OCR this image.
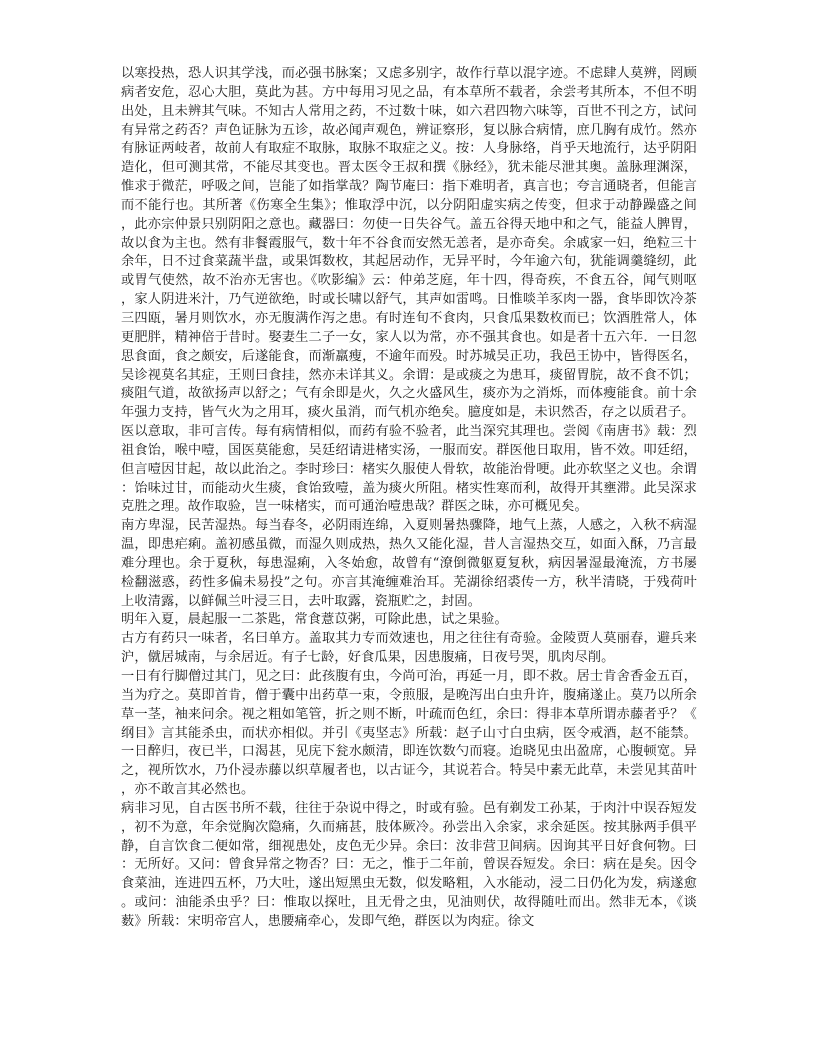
以寒投热，恐人识其学浅，而必强书脉案；又虑多别字，故作行草以混字迹。不虑肆人莫辨，罔顾病者安危，忍心大胆，莫此为甚。方中每用习见之品，有本草所不载者，余尝考其所本，不但不明出处，且未辨其气味。不知古人常用之药，不过数十味，如六君四物六味等，百世不刊之方，试问有异常之药否？声色证脉为五诊，故必闻声观色，辨证察形，复以脉合病情，庶几胸有成竹。然亦有脉证两岐者，故前人有取症不取脉，取脉不取症之义。按：人身脉络，肖乎天地流行，达乎阴阳造化，但可测其常，不能尽其变也。晋太医令王叔和撰《脉经》，犹未能尽泄其奥。盖脉理渊深，惟求于微茫，呼吸之间，岂能了如指掌哉？陶节庵曰：指下难明者，真言也；夸言通晓者，但能言而不能行也。其所著《伤寒全生集》；惟取浮中沉，以分阴阳虚实病之传变，但求于动静躁盛之间，此亦宗仲景只别阴阳之意也。藏器曰：勿使一日失谷气。盖五谷得天地中和之气，能益人脾胃，故以食为主也。然有非餐霞服气，数十年不谷食而安然无恙者，是亦奇矣。余戚家一妇，绝粒三十余年，日不过食菜蔬半盘，或果饵数枚，其起居动作，无异平时，今年逾六旬，犹能调羹缝纫，此或胃气使然，故不治亦无害也。《吹影编》云：仲弟芝庭，年十四，得奇疾，不食五谷，闻气则呕，家人阴进米汁，乃气逆欲绝，时或长啸以舒气，其声如雷鸣。日惟啖羊豕肉一器，食毕即饮冷茶三四瓯，暑月则饮水，亦无腹满作泻之患。有时连旬不食肉，只食瓜果数枚而已；饮酒胜常人，体更肥胖，精神倍于昔时。娶妻生二子一女，家人以为常，亦不强其食也。如是者十五六年．一日忽思食面，食之颇安，后遂能食，而渐羸瘦，不逾年而殁。时苏城吴正功，我邑王协中，皆得医名，吴诊视莫名其症，王则曰食挂，然亦未详其义。余谓：是或痰之为患耳，痰留胃脘，故不食不饥；痰阻气道，故欲扬声以舒之；气有余即是火，久之火盛风生，痰亦为之消烁，而体瘦能食。前十余年强力支持，皆气火为之用耳，痰火虽消，而气机亦绝矣。臆度如是，未识然否，存之以质君子。

医以意取，非可言传。每有病情相似，而药有验不验者，此当深究其理也。尝阅《南唐书》载：烈祖食饴，喉中噎，国医莫能愈，吴廷绍请进楮实汤，一服而安。群医他日取用，皆不效。叩廷绍，但言噎因甘起，故以此治之。李时珍曰：楮实久服使人骨软，故能治骨哽。此亦软坚之义也。余谓：饴味过甘，而能动火生痰，食饴致噎，盖为痰火所阻。楮实性寒而利，故得开其壅滞。此吴深求克胜之理。故作取验，岂一味楮实，而可通治噎患哉？群医之昧，亦可概见矣。

南方卑湿，民苦湿热。每当春冬，必阴雨连绵，入夏则暑热骤降，地气上蒸，人感之，入秋不病湿温，即患疟痢。盖初感虽微，而湿久则成热，热久又能化湿，昔人言湿热交互，如面入酥，乃言最难分理也。余于夏秋，每患湿痢，入冬始愈，故曾有“潦倒微躯夏复秋，病因暑湿最淹流，方书屡检翻滋惑，药性多偏未易投”之句。亦言其淹缠难治耳。芜湖徐绍裘传一方，秋半清晓，于残荷叶上收清露，以鲜佩兰叶浸三日，去叶取露，瓷瓶贮之，封固。

明年入夏，晨起服一二茶匙，常食薏苡粥，可除此患，试之果验。

古方有药只一味者，名曰单方。盖取其力专而效速也，用之往往有奇验。金陵贾人莫丽春，避兵来沪，僦居城南，与余居近。有子七龄，好食瓜果，因患腹痛，日夜号哭，肌肉尽削。

一日有行脚僧过其门，见之曰：此孩腹有虫，今尚可治，再延一月，即不救。居士肯舍香金五百，当为疗之。莫即首肯，僧于囊中出药草一束，令煎服，是晚泻出白虫升许，腹痛遂止。莫乃以所余草一茎，袖来问余。视之粗如笔管，折之则不断，叶疏而色红，余曰：得非本草所谓赤藤者乎？《纲目》言其能杀虫，而状亦相似。并引《夷坚志》所载：赵子山寸白虫病，医令戒酒，赵不能禁。一日醉归，夜已半，口渴甚，见庑下瓮水颇清，即连饮数勺而寝。迨晓见虫出盈席，心腹顿宽。异之，视所饮水，乃仆浸赤藤以织草履者也，以古证今，其说若合。特吴中素无此草，未尝见其苗叶，亦不敢言其必然也。

病非习见，自古医书所不载，往往于杂说中得之，时或有验。邑有剃发工孙某，于肉汁中误吞短发，初不为意，年余觉胸次隐痛，久而痛甚，肢体厥冷。孙尝出入余家，求余延医。按其脉两手俱平静，自言饮食二便如常，细视患处，皮色无少异。余曰：汝非营卫间病。因询其平日好食何物。曰：无所好。又问：曾食异常之物否？曰：无之，惟于二年前，曾误吞短发。余曰：病在是矣。因令食菜油，连进四五杯，乃大吐，遂出短黑虫无数，似发略粗，入水能动，浸二日仍化为发，病遂愈。或问：油能杀虫乎？曰：惟取以探吐，且无骨之虫，见油则伏，故得随吐而出。然非无本，《谈薮》所载：宋明帝宫人，患腰痛牵心，发即气绝，群医以为肉症。徐文
